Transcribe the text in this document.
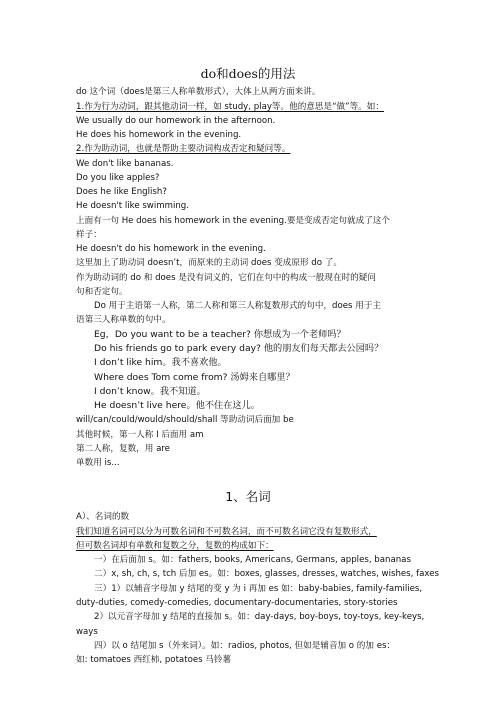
do和does的用法
do 这个词（does是第三人称单数形式），大体上从两方面来讲。
1.作为行为动词，跟其他动词一样，如 study, play等。他的意思是“做”等。如：
We usually do our homework in the afternoon.
He does his homework in the evening.
2.作为助动词，也就是帮助主要动词构成否定和疑问等。
We don't like bananas.
Do you like apples?
Does he like English?
He doesn't like swimming.
上面有一句 He does his homework in the evening.要是变成否定句就成了这个
样子：
He doesn't do his homework in the evening.
这里加上了助动词 doesn’t，而原来的主动词 does 变成原形 do 了。
作为助动词的 do 和 does 是没有词义的，它们在句中的构成一般现在时的疑问
句和否定句。
Do 用于主语第一人称，第二人称和第三人称复数形式的句中，does 用于主
语第三人称单数的句中。
Eg，Do you want to be a teacher? 你想成为一个老师吗？
Do his friends go to park every day? 他的朋友们每天都去公园吗？
I don’t like him。我不喜欢他。
Where does Tom come from? 汤姆来自哪里？
I don’t know。我不知道。
He doesn’t live here。他不住在这儿。
will/can/could/would/should/shall 等助动词后面加 be
其他时候，第一人称 I 后面用 am
第二人称，复数，用 are
单数用 is...
1、名词
A）、名词的数
我们知道名词可以分为可数名词和不可数名词，而不可数名词它没有复数形式，
但可数名词却有单数和复数之分，复数的构成如下：
一）在后面加 s。如：fathers, books, Americans, Germans, apples, bananas
二）x, sh, ch, s, tch 后加 es。如：boxes, glasses, dresses, watches, wishes, faxes
三）1）以辅音字母加 y 结尾的变 y 为 i 再加 es 如：baby-babies, family-families,
duty-duties, comedy-comedies, documentary-documentaries, story-stories
2）以元音字母加 y 结尾的直接加 s。如：day-days, boy-boys, toy-toys, key-keys,
ways
四）以 o 结尾加 s（外来词）。如：radios, photos, 但如是辅音加 o 的加 es：
如: tomatoes 西红柿, potatoes 马铃薯
